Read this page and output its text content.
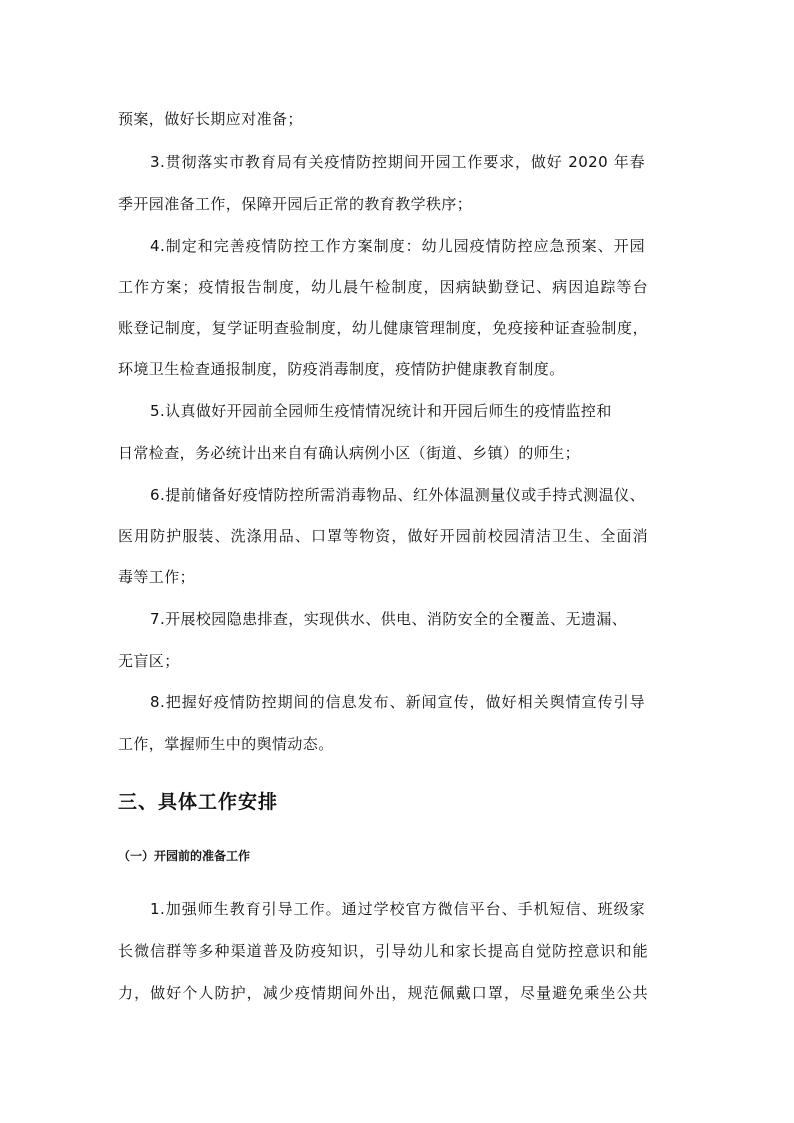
预案，做好长期应对准备；
3.贯彻落实市教育局有关疫情防控期间开园工作要求，做好 2020 年春
季开园准备工作，保障开园后正常的教育教学秩序；
4.制定和完善疫情防控工作方案制度：幼儿园疫情防控应急预案、开园
工作方案；疫情报告制度，幼儿晨午检制度，因病缺勤登记、病因追踪等台
账登记制度，复学证明查验制度，幼儿健康管理制度，免疫接种证查验制度，
环境卫生检查通报制度，防疫消毒制度，疫情防护健康教育制度。
5.认真做好开园前全园师生疫情情况统计和开园后师生的疫情监控和
日常检查，务必统计出来自有确认病例小区（街道、乡镇）的师生；
6.提前储备好疫情防控所需消毒物品、红外体温测量仪或手持式测温仪、
医用防护服装、洗涤用品、口罩等物资，做好开园前校园清洁卫生、全面消
毒等工作；
7.开展校园隐患排查，实现供水、供电、消防安全的全覆盖、无遗漏、
无盲区；
8.把握好疫情防控期间的信息发布、新闻宣传，做好相关舆情宣传引导
工作，掌握师生中的舆情动态。
三、具体工作安排
（一）开园前的准备工作
1.加强师生教育引导工作。通过学校官方微信平台、手机短信、班级家
长微信群等多种渠道普及防疫知识，引导幼儿和家长提高自觉防控意识和能
力，做好个人防护，减少疫情期间外出，规范佩戴口罩，尽量避免乘坐公共
